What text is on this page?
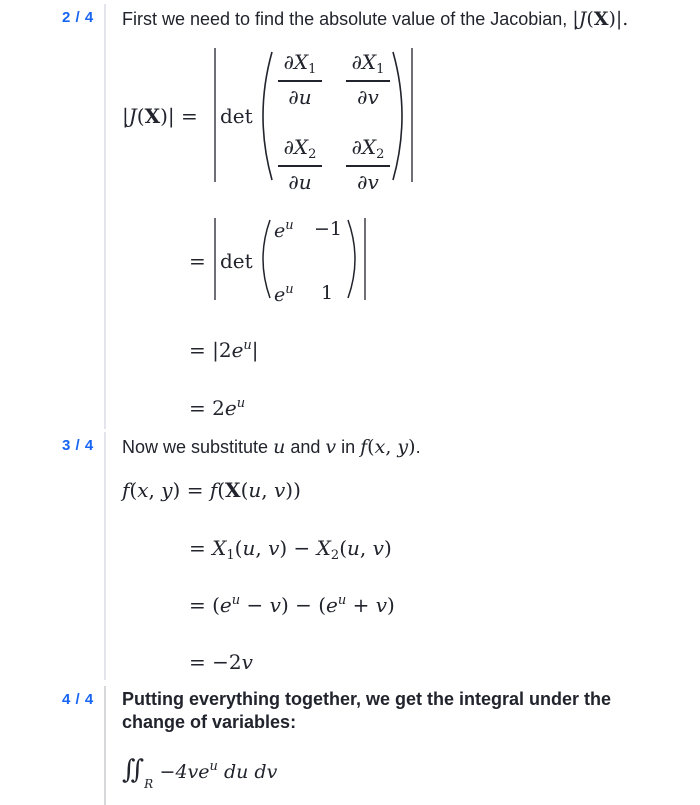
2 / 4 First we need to find the absolute value of the Jacobian, |J(X)|.
|J(X)| = det
$\partial X_1$
∂u
$\partial X_1$
∂v
$\partial X_2$
∂u
$\partial X_2$
∂v
= det
$e^u -1$
$e^u$ 1
= $|2e^u|$
= $2e^u$
3 / 4 Now we substitute u and v in f(x, y).
f(x, y) = f(X(u, v))
= $X_1(u$, $v) - X_2(u$, v)
= $(e^u - v) - (e^u + v)$
= −2v
4 / 4 Putting everything together, we get the integral under the change of variables:
$∬_R -4ve^u$ du dv
